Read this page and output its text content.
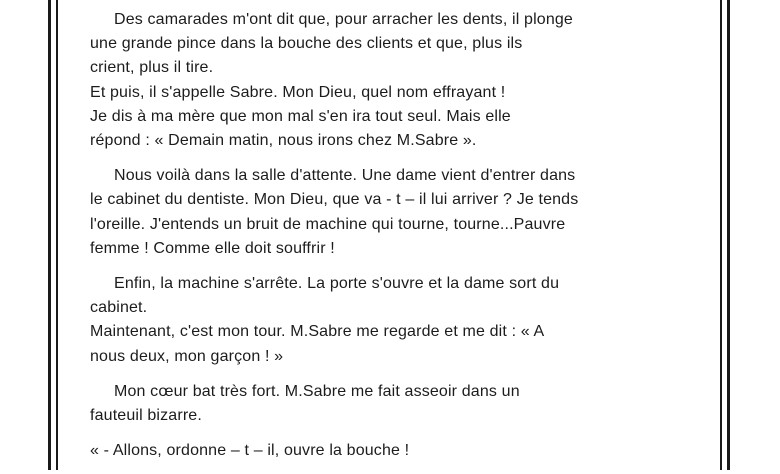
Des camarades m'ont dit que, pour arracher les dents, il plonge
une grande pince dans la bouche des clients et que, plus ils
crient, plus il tire.
Et puis, il s'appelle Sabre. Mon Dieu, quel nom effrayant !
Je dis à ma mère que mon mal s'en ira tout seul. Mais elle
répond : « Demain matin, nous irons chez M.Sabre ».
Nous voilà dans la salle d'attente. Une dame vient d'entrer dans
le cabinet du dentiste. Mon Dieu, que va - t – il lui arriver ? Je tends
l'oreille. J'entends un bruit de machine qui tourne, tourne...Pauvre
femme ! Comme elle doit souffrir !
Enfin, la machine s'arrête. La porte s'ouvre et la dame sort du
cabinet.
Maintenant, c'est mon tour. M.Sabre me regarde et me dit : « A
nous deux, mon garçon ! »
Mon cœur bat très fort. M.Sabre me fait asseoir dans un
fauteuil bizarre.
« - Allons, ordonne – t – il, ouvre la bouche !
